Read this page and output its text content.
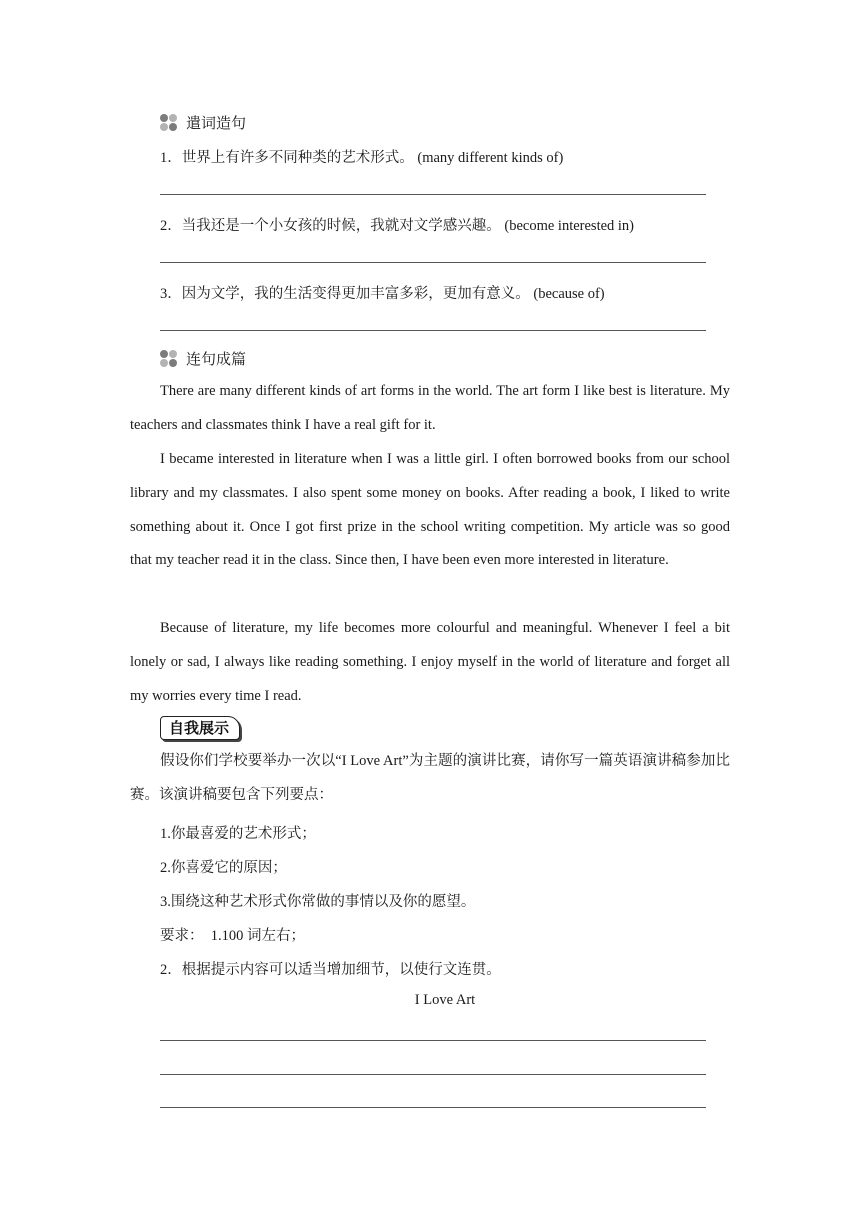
遣词造句
1．世界上有许多不同种类的艺术形式。 (many different kinds of)
2．当我还是一个小女孩的时候，我就对文学感兴趣。 (become interested in)
3．因为文学，我的生活变得更加丰富多彩，更加有意义。 (because of)
连句成篇
There are many different kinds of art forms in the world. The art form I like best is literature. My teachers and classmates think I have a real gift for it.
I became interested in literature when I was a little girl. I often borrowed books from our school library and my classmates. I also spent some money on books. After reading a book, I liked to write something about it. Once I got first prize in the school writing competition. My article was so good that my teacher read it in the class. Since then, I have been even more interested in literature.
Because of literature, my life becomes more colourful and meaningful. Whenever I feel a bit lonely or sad, I always like reading something. I enjoy myself in the world of literature and forget all my worries every time I read.
自我展示
假设你们学校要举办一次以“I Love Art”为主题的演讲比赛，请你写一篇英语演讲稿参加比赛。该演讲稿要包含下列要点：
1.你最喜爱的艺术形式；
2.你喜爱它的原因；
3.围绕这种艺术形式你常做的事情以及你的愿望。
要求：  1.100 词左右；
2．根据提示内容可以适当增加细节，以使行文连贯。
I Love Art
